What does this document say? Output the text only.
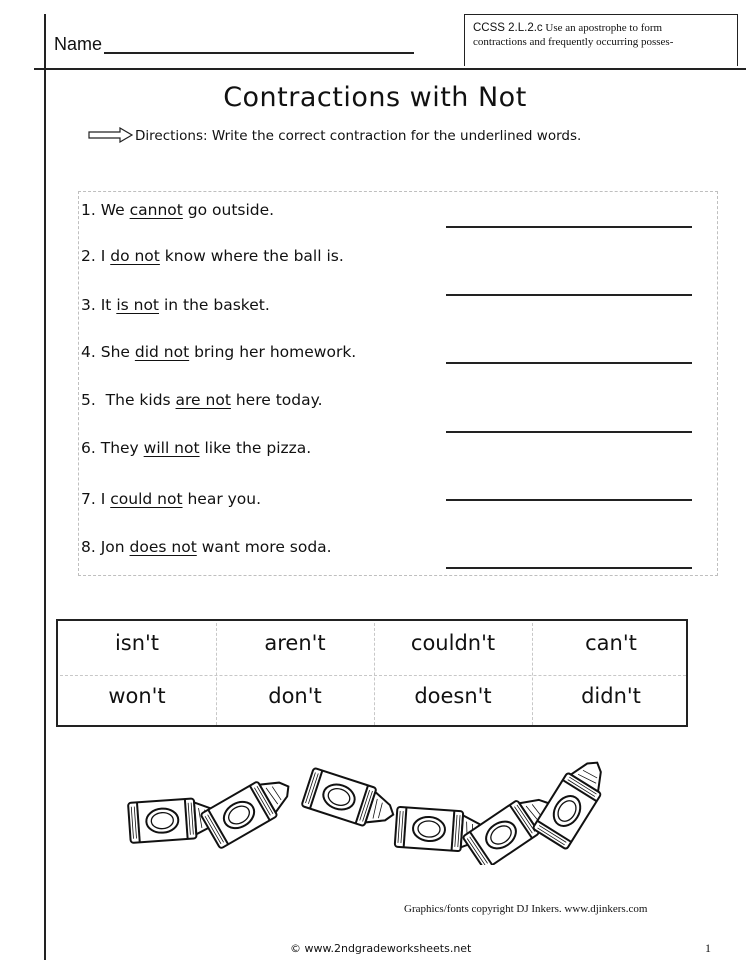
Name
CCSS 2.L.2.c Use an apostrophe to form
contractions and frequently occurring posses-
Contractions with Not
Directions: Write the correct contraction for the underlined words.
1. We cannot go outside.
2. I do not know where the ball is.
3. It is not in the basket.
4. She did not bring her homework.
5.  The kids are not here today.
6. They will not like the pizza.
7. I could not hear you.
8. Jon does not want more soda.
isn't	aren't	couldn't	can't
won't	don't	doesn't	didn't
Graphics/fonts copyright DJ Inkers. www.djinkers.com
© www.2ndgradeworksheets.net	1
